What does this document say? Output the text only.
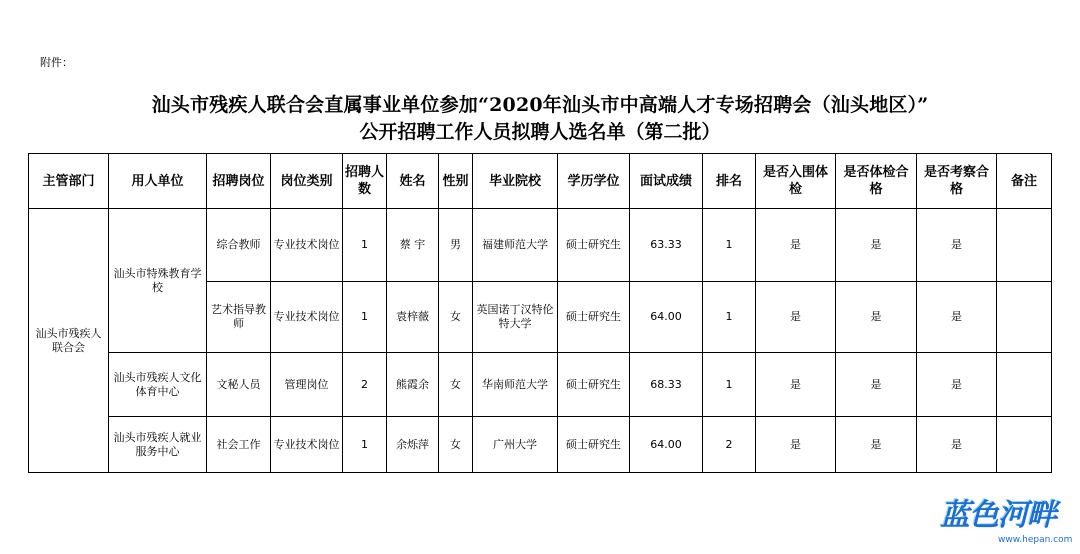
附件：
汕头市残疾人联合会直属事业单位参加“2020年汕头市中高端人才专场招聘会（汕头地区）”
公开招聘工作人员拟聘人选名单（第二批）
主管部门	用人单位	招聘岗位	岗位类别	招聘人数	姓名	性别	毕业院校	学历学位	面试成绩	排名	是否入围体检	是否体检合格	是否考察合格	备注
汕头市残疾人联合会	汕头市特殊教育学校	综合教师	专业技术岗位	1	蔡 宇	男	福建师范大学	硕士研究生	63.33	1	是	是	是	
		艺术指导教师	专业技术岗位	1	袁梓薇	女	英国诺丁汉特伦特大学	硕士研究生	64.00	1	是	是	是	
	汕头市残疾人文化体育中心	文秘人员	管理岗位	2	熊霞余	女	华南师范大学	硕士研究生	68.33	1	是	是	是	
	汕头市残疾人就业服务中心	社会工作	专业技术岗位	1	余烁萍	女	广州大学	硕士研究生	64.00	2	是	是	是	
蓝色河畔
www.hepan.com
